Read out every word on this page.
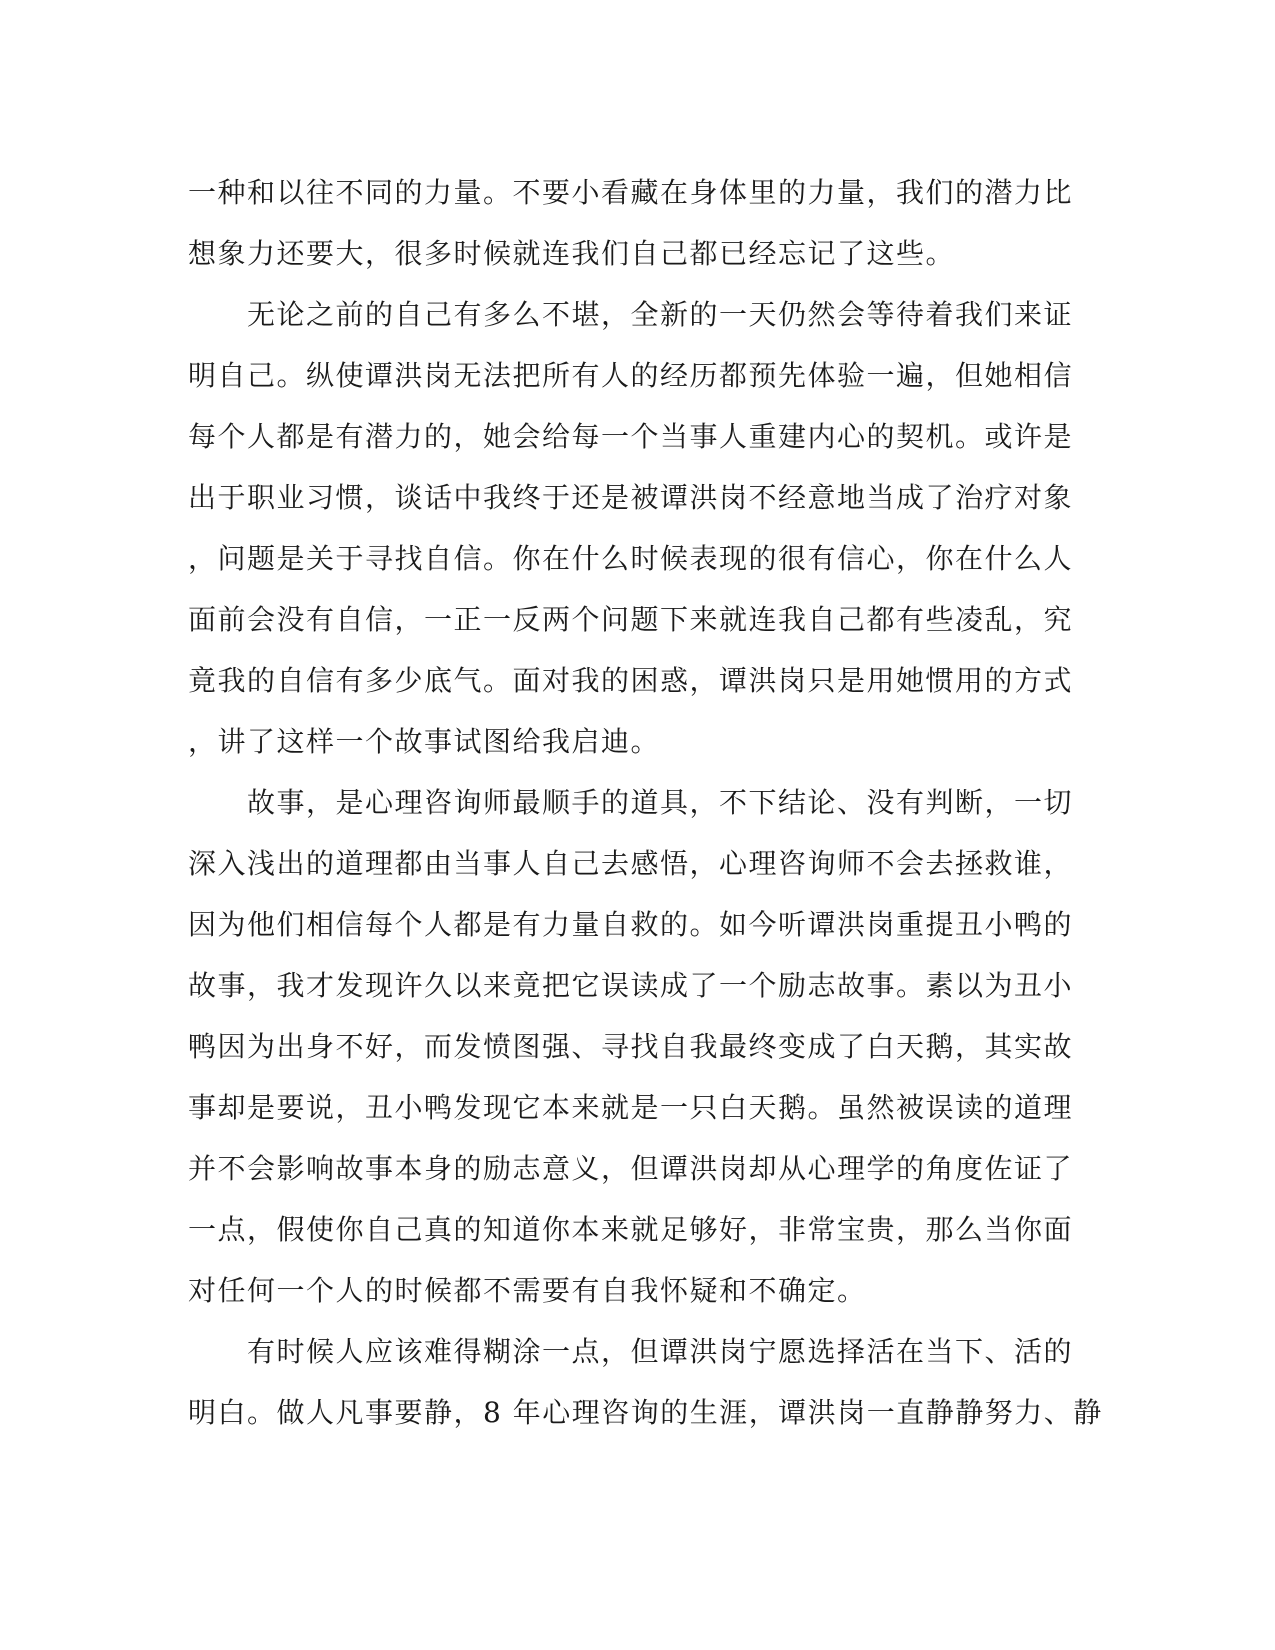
一种和以往不同的力量。不要小看藏在身体里的力量，我们的潜力比
想象力还要大，很多时候就连我们自己都已经忘记了这些。
　　无论之前的自己有多么不堪，全新的一天仍然会等待着我们来证
明自己。纵使谭洪岗无法把所有人的经历都预先体验一遍，但她相信
每个人都是有潜力的，她会给每一个当事人重建内心的契机。或许是
出于职业习惯，谈话中我终于还是被谭洪岗不经意地当成了治疗对象
，问题是关于寻找自信。你在什么时候表现的很有信心，你在什么人
面前会没有自信，一正一反两个问题下来就连我自己都有些凌乱，究
竟我的自信有多少底气。面对我的困惑，谭洪岗只是用她惯用的方式
，讲了这样一个故事试图给我启迪。
　　故事，是心理咨询师最顺手的道具，不下结论、没有判断，一切
深入浅出的道理都由当事人自己去感悟，心理咨询师不会去拯救谁，
因为他们相信每个人都是有力量自救的。如今听谭洪岗重提丑小鸭的
故事，我才发现许久以来竟把它误读成了一个励志故事。素以为丑小
鸭因为出身不好，而发愤图强、寻找自我最终变成了白天鹅，其实故
事却是要说，丑小鸭发现它本来就是一只白天鹅。虽然被误读的道理
并不会影响故事本身的励志意义，但谭洪岗却从心理学的角度佐证了
一点，假使你自己真的知道你本来就足够好，非常宝贵，那么当你面
对任何一个人的时候都不需要有自我怀疑和不确定。
　　有时候人应该难得糊涂一点，但谭洪岗宁愿选择活在当下、活的
明白。做人凡事要静，8 年心理咨询的生涯，谭洪岗一直静静努力、静
